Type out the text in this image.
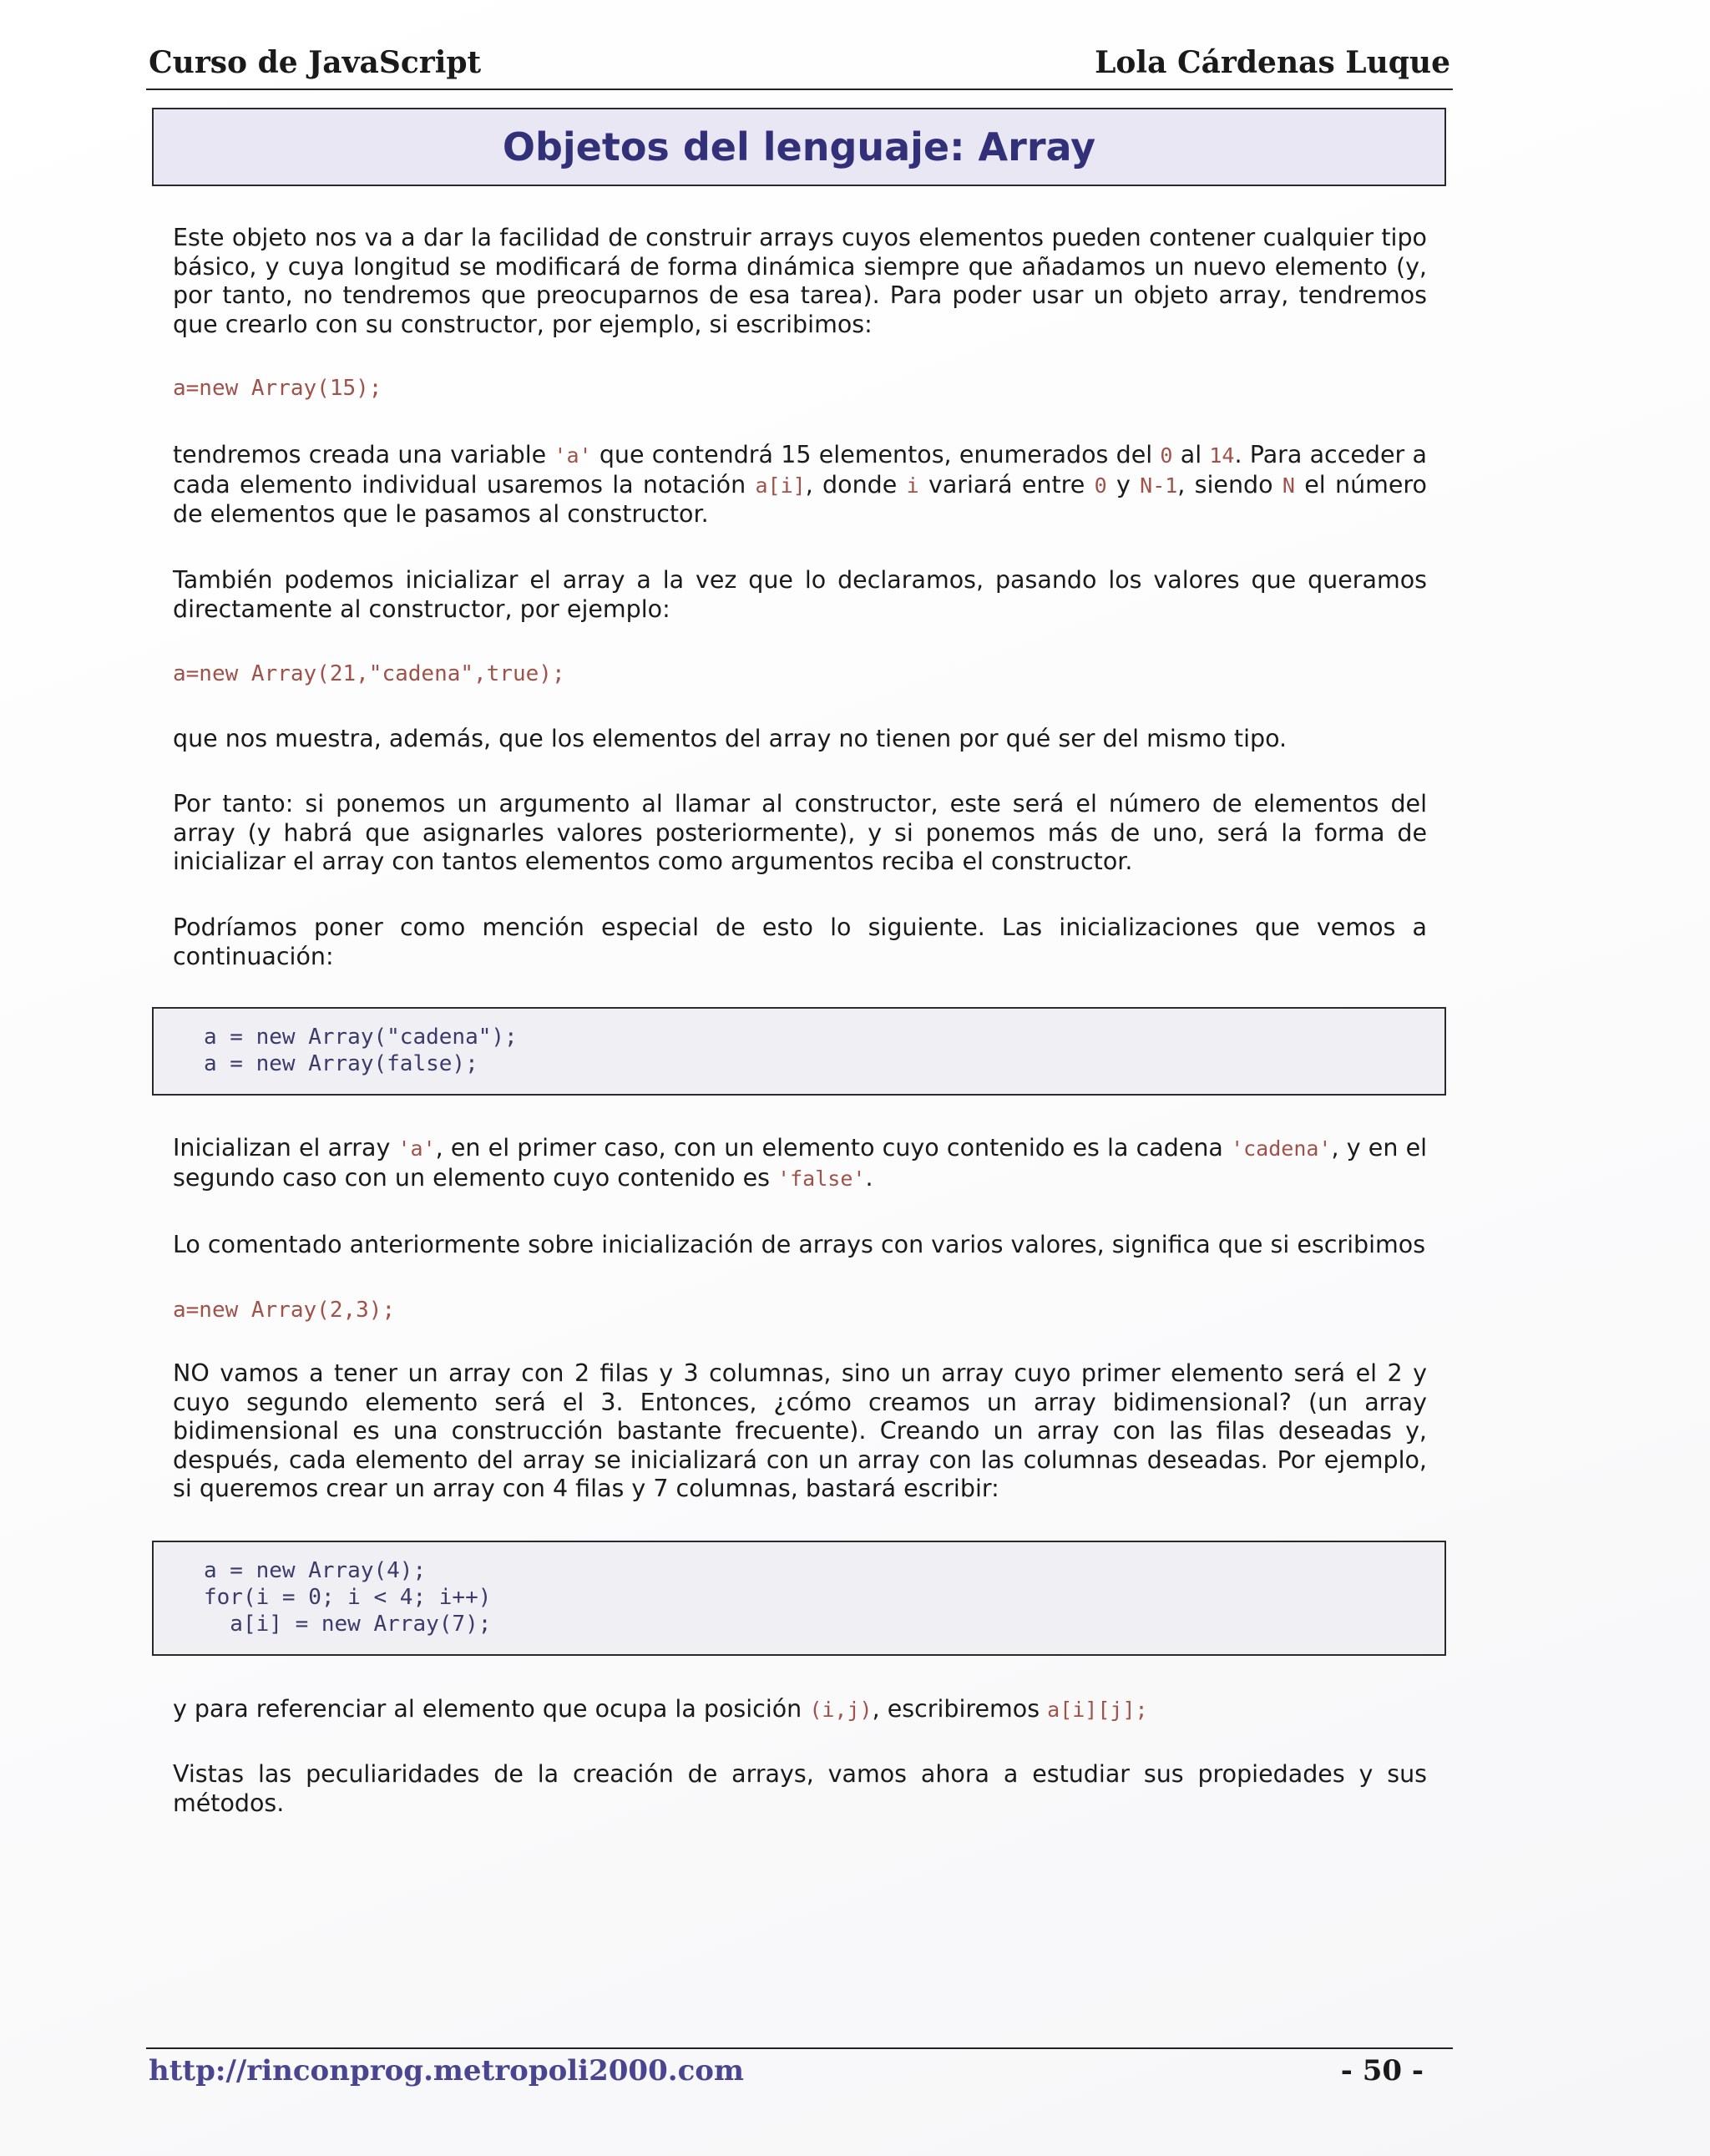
Curso de JavaScript	Lola Cárdenas Luque
Objetos del lenguaje: Array

Este objeto nos va a dar la facilidad de construir arrays cuyos elementos pueden contener cualquier tipo básico, y cuya longitud se modificará de forma dinámica siempre que añadamos un nuevo elemento (y, por tanto, no tendremos que preocuparnos de esa tarea). Para poder usar un objeto array, tendremos que crearlo con su constructor, por ejemplo, si escribimos:

a=new Array(15);

tendremos creada una variable 'a' que contendrá 15 elementos, enumerados del 0 al 14. Para acceder a cada elemento individual usaremos la notación a[i], donde i variará entre 0 y N-1, siendo N el número de elementos que le pasamos al constructor.

También podemos inicializar el array a la vez que lo declaramos, pasando los valores que queramos directamente al constructor, por ejemplo:

a=new Array(21,"cadena",true);

que nos muestra, además, que los elementos del array no tienen por qué ser del mismo tipo.

Por tanto: si ponemos un argumento al llamar al constructor, este será el número de elementos del array (y habrá que asignarles valores posteriormente), y si ponemos más de uno, será la forma de inicializar el array con tantos elementos como argumentos reciba el constructor.

Podríamos poner como mención especial de esto lo siguiente. Las inicializaciones que vemos a continuación:

a = new Array("cadena");
a = new Array(false);

Inicializan el array 'a', en el primer caso, con un elemento cuyo contenido es la cadena 'cadena', y en el segundo caso con un elemento cuyo contenido es 'false'.

Lo comentado anteriormente sobre inicialización de arrays con varios valores, significa que si escribimos

a=new Array(2,3);

NO vamos a tener un array con 2 filas y 3 columnas, sino un array cuyo primer elemento será el 2 y cuyo segundo elemento será el 3. Entonces, ¿cómo creamos un array bidimensional? (un array bidimensional es una construcción bastante frecuente). Creando un array con las filas deseadas y, después, cada elemento del array se inicializará con un array con las columnas deseadas. Por ejemplo, si queremos crear un array con 4 filas y 7 columnas, bastará escribir:

a = new Array(4);
for(i = 0; i < 4; i++)
a[i] = new Array(7);

y para referenciar al elemento que ocupa la posición (i,j), escribiremos a[i][j];

Vistas las peculiaridades de la creación de arrays, vamos ahora a estudiar sus propiedades y sus métodos.

http://rinconprog.metropoli2000.com	- 50 -
